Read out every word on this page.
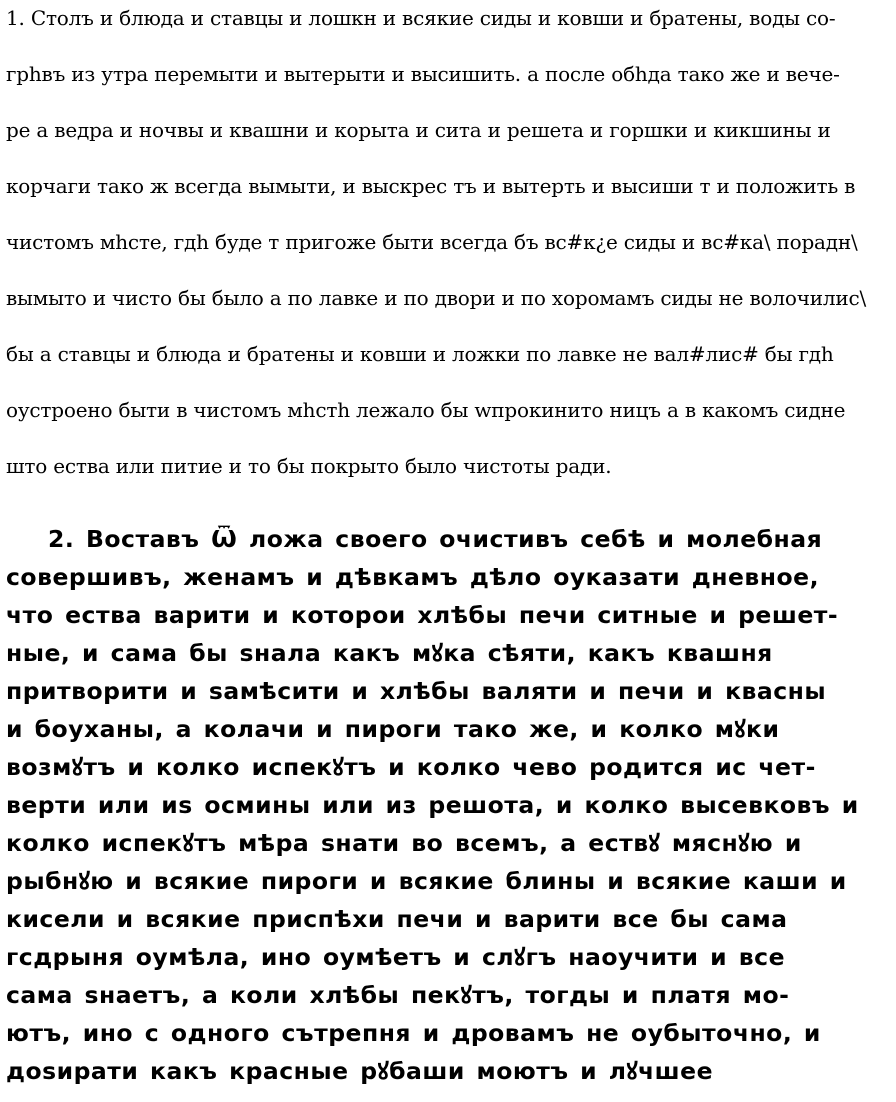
1. Столъ и блюда и ставцы и лошкн и всякие сиды и ковши и братены, воды со-
грhвъ из утра перемыти и вытерыти и высишить. а после обhда тако же и вече-
ре а ведра и ночвы и квашни и корыта и сита и решета и горшки и кикшины и
корчаги тако ж всегда вымыти, и выскрес тъ и вытерть и высиши т и положить в
чистомъ мhсте, гдh буде т пригоже быти всегда бъ вс#к¿е сиды и вс#ка\ порадн\
вымыто и чисто бы было а по лавке и по двори и по хоромамъ сиды не волочилис\
бы а ставцы и блюда и братены и ковши и ложки по лавке не вал#лис# бы гдh
оустроено быти в чистомъ мhстh лежало бы wпрокинито ницъ а в какомъ сидне
што ества или питие и то бы покрыто было чистоты ради.
2. Воставъ Ѿ ложа своего очистивъ себѣ и молебная
совершивъ, женамъ и дѣвкамъ дѣло оуказати дневное,
что ества варити и которои хлѣбы печи ситные и решет-
ные, и сама бы ѕнала какъ мꙋка сѣяти, какъ квашня
притворити и ѕамѣсити и хлѣбы валяти и печи и квасны
и боуханы, а колачи и пироги тако же, и колко мꙋки
возмꙋтъ и колко испекꙋтъ и колко чево родится ис чет-
верти или иѕ осмины или из решота, и колко высевковъ и
колко испекꙋтъ мѣра ѕнати во всемъ, а ествꙋ мяснꙋю и
рыбнꙋю и всякие пироги и всякие блины и всякие каши и
кисели и всякие приспѣхи печи и варити все бы сама
гсдрыня оумѣла, ино оумѣетъ и слꙋгъ наоучити и все
сама ѕнаетъ, а коли хлѣбы пекꙋтъ, тогды и платя мо-
ютъ, ино с одного сътрепня и дровамъ не оубыточно, и
доѕирати какъ красные рꙋбаши моютъ и лꙋчшее
